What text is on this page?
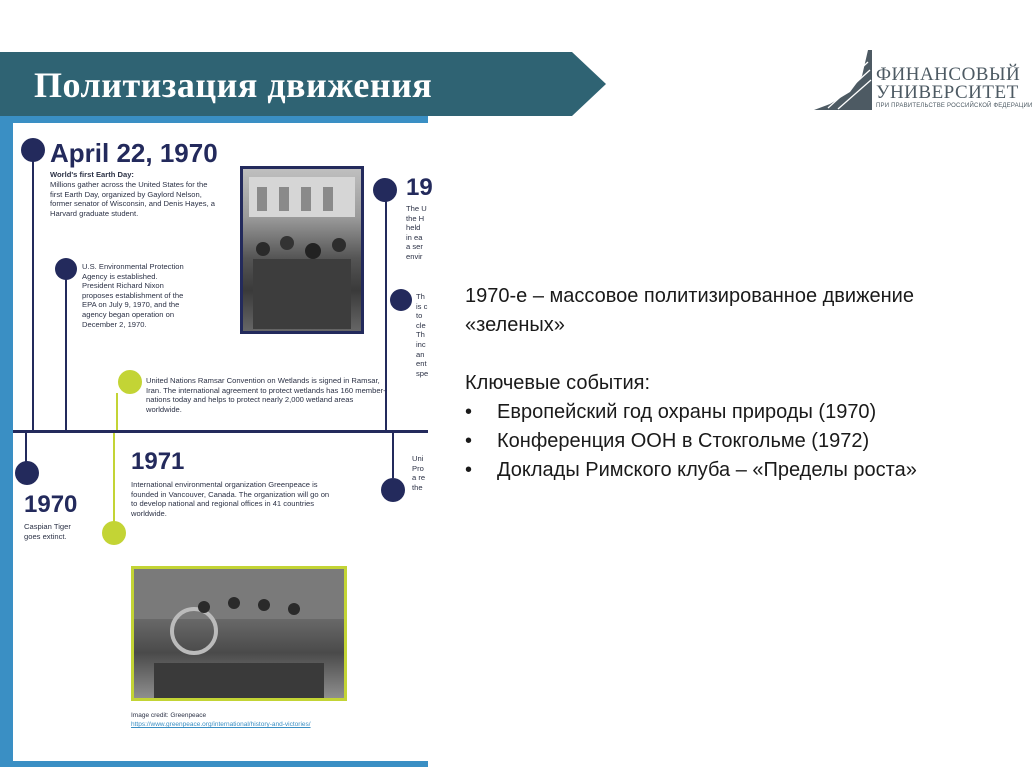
Политизация движения	ФИНАНСОВЫЙ
УНИВЕРСИТЕТ
ПРИ ПРАВИТЕЛЬСТВЕ РОССИЙСКОЙ ФЕДЕРАЦИИ
April 22, 1970
World's first Earth Day:
Millions gather across the United States for the first Earth Day, organized by Gaylord Nelson, former senator of Wisconsin, and Denis Hayes, a Harvard graduate student.
U.S. Environmental Protection Agency is established. President Richard Nixon proposes establishment of the EPA on July 9, 1970, and the agency began operation on December 2, 1970.
United Nations Ramsar Convention on Wetlands is signed in Ramsar, Iran. The international agreement to protect wetlands has 160 member-nations today and helps to protect nearly 2,000 wetland areas worldwide.
1971
International environmental organization Greenpeace is founded in Vancouver, Canada. The organization will go on to develop national and regional offices in 41 countries worldwide.
1970
Caspian Tiger goes extinct.
19
The U
the H
held
in ea
a ser
envir
Th
is c
to
cle
Th
inc
an
ent
spe
Uni
Pro
a re
the
Image credit: Greenpeace
https://www.greenpeace.org/international/history-and-victories/

1970-е – массовое политизированное движение

«зеленых»

Ключевые события:

• Европейский год охраны природы (1970)
• Конференция ООН в Стокгольме (1972)
• Доклады Римского клуба – «Пределы роста»
